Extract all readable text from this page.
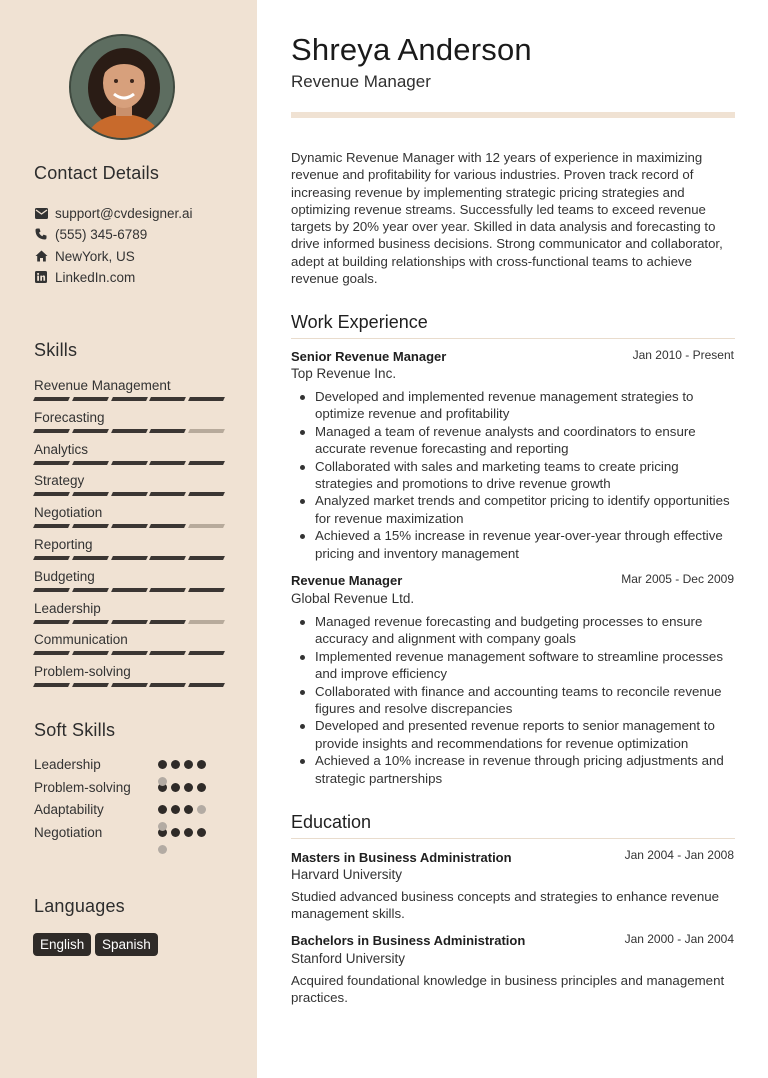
Contact Details
support@cvdesigner.ai
(555) 345-6789
NewYork, US
LinkedIn.com
Skills
Revenue Management
Forecasting
Analytics
Strategy
Negotiation
Reporting
Budgeting
Leadership
Communication
Problem-solving
Soft Skills
Leadership
Problem-solving
Adaptability
Negotiation
Languages
English	Spanish
Shreya Anderson
Revenue Manager
Dynamic Revenue Manager with 12 years of experience in maximizing revenue and profitability for various industries. Proven track record of increasing revenue by implementing strategic pricing strategies and optimizing revenue streams. Successfully led teams to exceed revenue targets by 20% year over year. Skilled in data analysis and forecasting to drive informed business decisions. Strong communicator and collaborator, adept at building relationships with cross-functional teams to achieve revenue goals.
Work Experience
Senior Revenue Manager	Jan 2010 - Present
Top Revenue Inc.
Developed and implemented revenue management strategies to optimize revenue and profitability
Managed a team of revenue analysts and coordinators to ensure accurate revenue forecasting and reporting
Collaborated with sales and marketing teams to create pricing strategies and promotions to drive revenue growth
Analyzed market trends and competitor pricing to identify opportunities for revenue maximization
Achieved a 15% increase in revenue year-over-year through effective pricing and inventory management
Revenue Manager	Mar 2005 - Dec 2009
Global Revenue Ltd.
Managed revenue forecasting and budgeting processes to ensure accuracy and alignment with company goals
Implemented revenue management software to streamline processes and improve efficiency
Collaborated with finance and accounting teams to reconcile revenue figures and resolve discrepancies
Developed and presented revenue reports to senior management to provide insights and recommendations for revenue optimization
Achieved a 10% increase in revenue through pricing adjustments and strategic partnerships
Education
Masters in Business Administration	Jan 2004 - Jan 2008
Harvard University
Studied advanced business concepts and strategies to enhance revenue management skills.
Bachelors in Business Administration	Jan 2000 - Jan 2004
Stanford University
Acquired foundational knowledge in business principles and management practices.
